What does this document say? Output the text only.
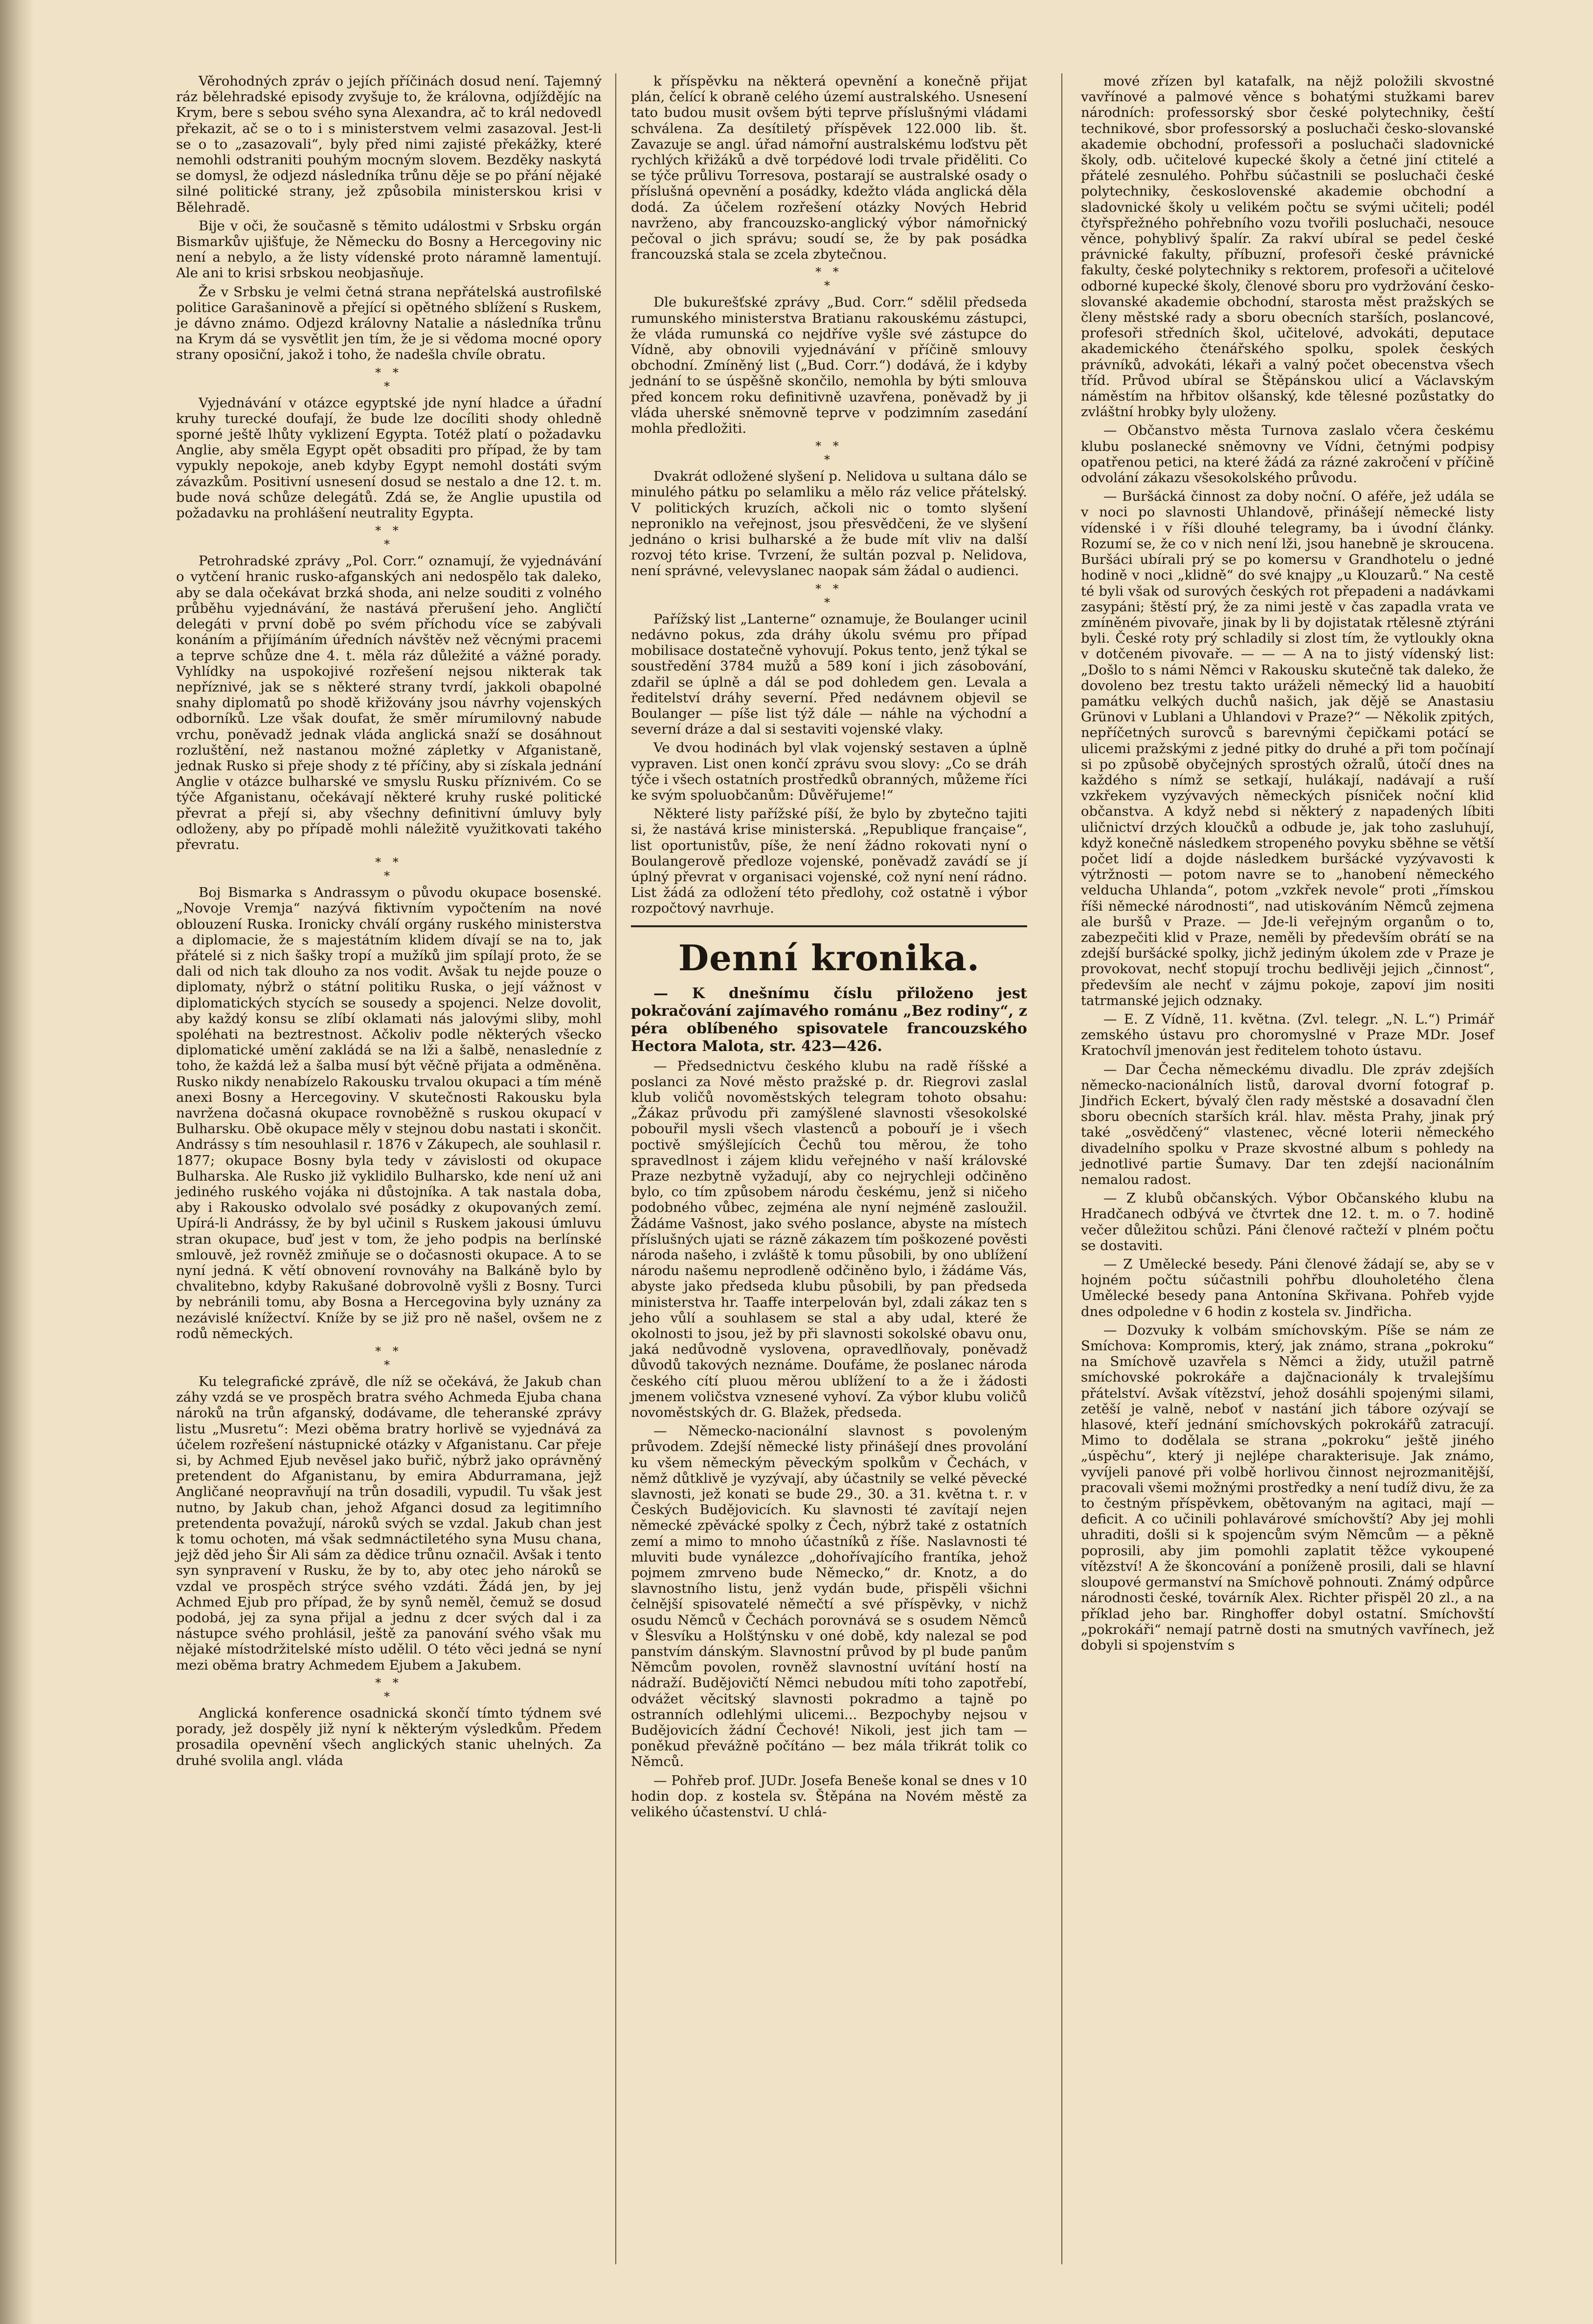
Věrohodných zpráv o jejích příčinách dosud není. Tajemný ráz bělehradské episody zvyšuje to, že královna, odjíždějíc na Krym, bere s sebou svého syna Alexandra, ač to král nedovedl překazit, ač se o to i s ministerstvem velmi zasazoval. Jest-li se o to „zasazovali“, byly před nimi zajisté překážky, které nemohli odstraniti pouhým mocným slovem. Bezděky naskytá se domysl, že odjezd následníka trůnu děje se po přání nějaké silné politické strany, jež způsobila ministerskou krisi v Bělehradě.

Bije v oči, že současně s těmito událostmi v Srbsku orgán Bismarkův ujišťuje, že Německu do Bosny a Hercegoviny nic není a nebylo, a že listy vídenské proto náramně lamentují. Ale ani to krisi srbskou neobjasňuje.

Že v Srbsku je velmi četná strana nepřátelská austrofilské politice Garašaninově a přející si opětného sblížení s Ruskem, je dávno známo. Odjezd královny Natalie a následníka trůnu na Krym dá se vysvětlit jen tím, že je si vědoma mocné opory strany oposiční, jakož i toho, že nadešla chvíle obratu.

* *
*

Vyjednávání v otázce egyptské jde nyní hladce a úřadní kruhy turecké doufají, že bude lze docíliti shody ohledně sporné ještě lhůty vyklizení Egypta. Totéž platí o požadavku Anglie, aby směla Egypt opět obsaditi pro případ, že by tam vypukly nepokoje, aneb kdyby Egypt nemohl dostáti svým závazkům. Positivní usnesení dosud se nestalo a dne 12. t. m. bude nová schůze delegátů. Zdá se, že Anglie upustila od požadavku na prohlášení neutrality Egypta.

* *
*

Petrohradské zprávy „Pol. Corr.“ oznamují, že vyjednávání o vytčení hranic rusko-afganských ani nedospělo tak daleko, aby se dala očekávat brzká shoda, ani nelze souditi z volného průběhu vyjednávání, že nastává přerušení jeho. Angličtí delegáti v první době po svém příchodu více se zabývali konáním a přijímáním úředních návštěv než věcnými pracemi a teprve schůze dne 4. t. měla ráz důležité a vážné porady. Vyhlídky na uspokojivé rozřešení nejsou nikterak tak nepříznivé, jak se s některé strany tvrdí, jakkoli obapolné snahy diplomatů po shodě křižovány jsou návrhy vojenských odborníků. Lze však doufat, že směr mírumilovný nabude vrchu, poněvadž jednak vláda anglická snaží se dosáhnout rozluštění, než nastanou možné zápletky v Afganistaně, jednak Rusko si přeje shody z té příčiny, aby si získala jednání Anglie v otázce bulharské ve smyslu Rusku příznivém. Co se týče Afganistanu, očekávají některé kruhy ruské politické převrat a přejí si, aby všechny definitivní úmluvy byly odloženy, aby po případě mohli náležitě využitkovati takého převratu.

* *
*

Boj Bismarka s Andrassym o původu okupace bosenské. „Novoje Vremja“ nazývá fiktivním vypočtením na nové oblouzení Ruska. Ironicky chválí orgány ruského ministerstva a diplomacie, že s majestátním klidem dívají se na to, jak přátelé si z nich šašky tropí a mužíků jim spílají proto, že se dali od nich tak dlouho za nos vodit. Avšak tu nejde pouze o diplomaty, nýbrž o státní politiku Ruska, o její vážnost v diplomatických stycích se sousedy a spojenci. Nelze dovolit, aby každý konsu se zlíbí oklamati nás jalovými sliby, mohl spoléhati na beztrestnost. Ačkoliv podle některých všecko diplomatické umění zakládá se na lži a šalbě, nenasledníe z toho, že každá lež a šalba musí být věčně přijata a odměněna. Rusko nikdy nenabízelo Rakousku trvalou okupaci a tím méně anexi Bosny a Hercegoviny. V skutečnosti Rakousku byla navržena dočasná okupace rovnoběžně s ruskou okupací v Bulharsku. Obě okupace měly v stejnou dobu nastati i skončit. Andrássy s tím nesouhlasil r. 1876 v Zákupech, ale souhlasil r. 1877; okupace Bosny byla tedy v závislosti od okupace Bulharska. Ale Rusko již vyklidilo Bulharsko, kde není už ani jediného ruského vojáka ni důstojníka. A tak nastala doba, aby i Rakousko odvolalo své posádky z okupovaných zemí. Upírá-li Andrássy, že by byl učinil s Ruskem jakousi úmluvu stran okupace, buď jest v tom, že jeho podpis na berlínské smlouvě, jež rovněž zmiňuje se o dočasnosti okupace. A to se nyní jedná. K větí obnovení rovnováhy na Balkáně bylo by chvalitebno, kdyby Rakušané dobrovolně vyšli z Bosny. Turci by nebránili tomu, aby Bosna a Hercegovina byly uznány za nezávislé knížectví. Kníže by se již pro ně našel, ovšem ne z rodů německých.

* *
*

Ku telegrafické zprávě, dle níž se očekává, že Jakub chan záhy vzdá se ve prospěch bratra svého Achmeda Ejuba chana nároků na trůn afganský, dodávame, dle teheranské zprávy listu „Musretu“: Mezi oběma bratry horlivě se vyjednává za účelem rozřešení nástupnické otázky v Afganistanu. Car přeje si, by Achmed Ejub nevěsel jako buřič, nýbrž jako oprávněný pretendent do Afganistanu, by emira Abdurramana, jejž Angličané neopravňují na trůn dosadili, vypudil. Tu však jest nutno, by Jakub chan, jehož Afganci dosud za legitimního pretendenta považují, nároků svých se vzdal. Jakub chan jest k tomu ochoten, má však sedmnáctiletého syna Musu chana, jejž děd jeho Šir Ali sám za dědice trůnu označil. Avšak i tento syn synpravení v Rusku, že by to, aby otec jeho nároků se vzdal ve prospěch strýce svého vzdáti. Žádá jen, by jej Achmed Ejub pro případ, že by synů neměl, čemuž se dosud podobá, jej za syna přijal a jednu z dcer svých dal i za nástupce svého prohlásil, ještě za panování svého však mu nějaké místodržitelské místo udělil. O této věci jedná se nyní mezi oběma bratry Achmedem Ejubem a Jakubem.

* *
*

Anglická konference osadnická skončí tímto týdnem své porady, jež dospěly již nyní k některým výsledkům. Předem prosadila opevnění všech anglických stanic uhelných. Za druhé svolila angl. vláda

k příspěvku na některá opevnění a konečně přijat plán, čelící k obraně celého území australského. Usnesení tato budou musit ovšem býti teprve příslušnými vládami schválena. Za desítiletý příspěvek 122.000 lib. št. Zavazuje se angl. úřad námořní australskému loďstvu pět rychlých křižáků a dvě torpédové lodi trvale přiděliti. Co se týče průlivu Torresova, postarají se australské osady o příslušná opevnění a posádky, kdežto vláda anglická děla dodá. Za účelem rozřešení otázky Nových Hebrid navrženo, aby francouzsko-anglický výbor námořnický pečoval o jich správu; soudí se, že by pak posádka francouzská stala se zcela zbytečnou.

* *
*

Dle bukurešťské zprávy „Bud. Corr.“ sdělil předseda rumunského ministerstva Bratianu rakouskému zástupci, že vláda rumunská co nejdříve vyšle své zástupce do Vídně, aby obnovili vyjednávání v příčině smlouvy obchodní. Zmíněný list („Bud. Corr.“) dodává, že i kdyby jednání to se úspěšně skončilo, nemohla by býti smlouva před koncem roku definitivně uzavřena, poněvadž by ji vláda uherské sněmovně teprve v podzimním zasedání mohla předložiti.

* *
*

Dvakrát odložené slyšení p. Nelidova u sultana dálo se minulého pátku po selamliku a mělo ráz velice přátelský. V politických kruzích, ačkoli nic o tomto slyšení neproniklo na veřejnost, jsou přesvědčeni, že ve slyšení jednáno o krisi bulharské a že bude mít vliv na další rozvoj této krise. Tvrzení, že sultán pozval p. Nelidova, není správné, velevyslanec naopak sám žádal o audienci.

* *
*

Pařížský list „Lanterne“ oznamuje, že Boulanger ucinil nedávno pokus, zda dráhy úkolu svému pro případ mobilisace dostatečně vyhovují. Pokus tento, jenž týkal se soustředění 3784 mužů a 589 koní i jich zásobování, zdařil se úplně a dál se pod dohledem gen. Levala a ředitelství dráhy severní. Před nedávnem objevil se Boulanger — píše list týž dále — náhle na východní a severní dráze a dal si sestaviti vojenské vlaky.

Ve dvou hodinách byl vlak vojenský sestaven a úplně vypraven. List onen končí zprávu svou slovy: „Co se dráh týče i všech ostatních prostředků obranných, můžeme říci ke svým spoluobčanům: Důvěřujeme!“

Některé listy pařížské píší, že bylo by zbytečno tajiti si, že nastává krise ministerská. „Republique française“, list oportunistův, píše, že není žádno rokovati nyní o Boulangerově předloze vojenské, poněvadž zavádí se jí úplný převrat v organisaci vojenské, což nyní není rádno. List žádá za odložení této předlohy, což ostatně i výbor rozpočtový navrhuje.

Denní kronika.

— K dnešnímu číslu přiloženo jest pokračování zajímavého románu „Bez rodiny“, z péra oblíbeného spisovatele francouzského Hectora Malota, str. 423—426.

— Předsednictvu českého klubu na radě říšské a poslanci za Nové město pražské p. dr. Riegrovi zaslal klub voličů novoměstských telegram tohoto obsahu: „Žákaz průvodu při zamýšlené slavnosti všesokolské pobouřil mysli všech vlastenců a pobouří je i všech poctivě smýšlejících Čechů tou měrou, že toho spravedlnost i zájem klidu veřejného v naší královské Praze nezbytně vyžadují, aby co nejrychleji odčiněno bylo, co tím způsobem národu českému, jenž si ničeho podobného vůbec, zejména ale nyní nejméně zasloužil. Žádáme Vašnost, jako svého poslance, abyste na místech příslušných ujati se rázně zákazem tím poškozené pověsti národa našeho, i zvláště k tomu působili, by ono ublížení národu našemu neprodleně odčiněno bylo, i žádáme Vás, abyste jako předseda klubu působili, by pan předseda ministerstva hr. Taaffe interpelován byl, zdali zákaz ten s jeho vůlí a souhlasem se stal a aby udal, které že okolnosti to jsou, jež by při slavnosti sokolské obavu onu, jaká nedůvodně vyslovena, opravedlňovaly, poněvadž důvodů takových neznáme. Doufáme, že poslanec národa českého cítí pluou měrou ublížení to a že i žádosti jmenem voličstva vznesené vyhoví. Za výbor klubu voličů novoměstských dr. G. Blažek, předseda.

— Německo-nacionální slavnost s povoleným průvodem. Zdejší německé listy přinášejí dnes provolání ku všem německým pěveckým spolkům v Čechách, v němž důtklivě je vyzývají, aby účastnily se velké pěvecké slavnosti, jež konati se bude 29., 30. a 31. května t. r. v Českých Budějovicích. Ku slavnosti té zavítají nejen německé zpěvácké spolky z Čech, nýbrž také z ostatních zemí a mimo to mnoho účastníků z říše. Naslavnosti té mluviti bude vynálezce „dohořívajícího frantíka, jehož pojmem zmrveno bude Německo,“ dr. Knotz, a do slavnostního listu, jenž vydán bude, přispěli všichni čelnější spisovatelé němečtí a své příspěvky, v nichž osudu Němců v Čechách porovnává se s osudem Němců v Šlesvíku a Holštýnsku v oné době, kdy nalezal se pod panstvím dánským. Slavnostní průvod by pl bude panům Němcům povolen, rovněž slavnostní uvítání hostí na nádraží. Budějovičtí Němci nebudou míti toho zapotřebí, odvážet věcitský slavnosti pokradmo a tajně po ostranních odlehlými ulicemi... Bezpochyby nejsou v Budějovicích žádní Čechové! Nikoli, jest jich tam — poněkud převážně počítáno — bez mála třikrát tolik co Němců.

— Pohřeb prof. JUDr. Josefa Beneše konal se dnes v 10 hodin dop. z kostela sv. Štěpána na Novém městě za velikého účastenství. U chlá-

mové zřízen byl katafalk, na nějž položili skvostné vavřínové a palmové věnce s bohatými stužkami barev národních: professorský sbor české polytechniky, čeští technikové, sbor professorský a posluchači česko-slovanské akademie obchodní, professoři a posluchači sladovnické školy, odb. učitelové kupecké školy a četné jiní ctitelé a přátelé zesnulého. Pohřbu súčastnili se posluchači české polytechniky, československé akademie obchodní a sladovnické školy u velikém počtu se svými učiteli; podél čtyřspřežného pohřebního vozu tvořili posluchači, nesouce věnce, pohyblivý špalír. Za rakví ubíral se pedel české právnické fakulty, příbuzní, profesoři české právnické fakulty, české polytechniky s rektorem, profesoři a učitelové odborné kupecké školy, členové sboru pro vydržování česko-slovanské akademie obchodní, starosta měst pražských se členy městské rady a sboru obecních starších, poslancové, profesoři středních škol, učitelové, advokáti, deputace akademického čtenářského spolku, spolek českých právníků, advokáti, lékaři a valný počet obecenstva všech tříd. Průvod ubíral se Štěpánskou ulicí a Václavským náměstím na hřbitov olšanský, kde tělesné pozůstatky do zvláštní hrobky byly uloženy.

— Občanstvo města Turnova zaslalo včera českému klubu poslanecké sněmovny ve Vídni, četnými podpisy opatřenou petici, na které žádá za rázné zakročení v příčině odvolání zákazu všesokolského průvodu.

— Buršácká činnost za doby noční. O aféře, jež udála se v noci po slavnosti Uhlandově, přinášejí německé listy vídenské i v říši dlouhé telegramy, ba i úvodní články. Rozumí se, že co v nich není lži, jsou hanebně je skroucena. Buršáci ubírali prý se po komersu v Grandhotelu o jedné hodině v noci „klidně“ do své knajpy „u Klouzarů.“ Na cestě té byli však od surových českých rot přepadeni a nadávkami zasypáni; štěstí prý, že za nimi jestě v čas zapadla vrata ve zmíněném pivovaře, jinak by li by dojistatak rtělesně ztýráni byli. České roty prý schladily si zlost tím, že vytloukly okna v dotčeném pivovaře. — — — A na to jistý vídenský list: „Došlo to s námi Němci v Rakousku skutečně tak daleko, že dovoleno bez trestu takto uráželi německý lid a hauobití památku velkých duchů našich, jak dějě se Anastasiu Grünovi v Lublani a Uhlandovi v Praze?“ — Několik zpitých, nepříčetných surovců s barevnými čepičkami potácí se ulicemi pražskými z jedné pitky do druhé a při tom počínají si po způsobě obyčejných sprostých ožralů, útočí dnes na každého s nímž se setkají, hulákají, nadávají a ruší vzkřekem vyzývavých německých písniček noční klid občanstva. A když nebd si některý z napadených líbiti uličnictví drzých kloučků a odbude je, jak toho zasluhují, když konečně následkem stropeného povyku sběhne se větší počet lidí a dojde následkem buršácké vyzývavosti k výtržnosti — potom navre se to „hanobení německého velducha Uhlanda“, potom „vzkřek nevole“ proti „římskou říši německé národnosti“, nad utiskováním Němců zejmena ale buršů v Praze. — Jde-li veřejným organům o to, zabezpečiti klid v Praze, neměli by především obrátí se na zdejší buršácké spolky, jichž jediným úkolem zde v Praze je provokovat, nechť stopují trochu bedlivěji jejich „činnost“, především ale nechť v zájmu pokoje, zapoví jim nositi tatrmanské jejich odznaky.

— E. Z Vídně, 11. května. (Zvl. telegr. „N. L.“) Primář zemského ústavu pro choromyslné v Praze MDr. Josef Kratochvíl jmenován jest ředitelem tohoto ústavu.

— Dar Čecha německému divadlu. Dle zpráv zdejších německo-nacionálních listů, daroval dvorní fotograf p. Jindřich Eckert, bývalý člen rady městské a dosavadní člen sboru obecních starších král. hlav. města Prahy, jinak prý také „osvědčený“ vlastenec, věcné loterii německého divadelního spolku v Praze skvostné album s pohledy na jednotlivé partie Šumavy. Dar ten zdejší nacionálním nemalou radost.

— Z klubů občanských. Výbor Občanského klubu na Hradčanech odbývá ve čtvrtek dne 12. t. m. o 7. hodině večer důležitou schůzi. Páni členové račteží v plném počtu se dostaviti.

— Z Umělecké besedy. Páni členové žádají se, aby se v hojném počtu súčastnili pohřbu dlouholetého člena Umělecké besedy pana Antonína Skřivana. Pohřeb vyjde dnes odpoledne v 6 hodin z kostela sv. Jindřicha.

— Dozvuky k volbám smíchovským. Píše se nám ze Smíchova: Kompromis, který, jak známo, strana „pokroku“ na Smíchově uzavřela s Němci a židy, utužil patrně smíchovské pokrokáře a dajčnacionály k trvalejšímu přátelství. Avšak vítězství, jehož dosáhli spojenými silami, zetěší je valně, neboť v nastání jich tábore ozývají se hlasové, kteří jednání smíchovských pokrokářů zatracují. Mimo to dodělala se strana „pokroku“ ještě jiného „úspěchu“, který ji nejlépe charakterisuje. Jak známo, vyvíjeli panové při volbě horlivou činnost nejrozmanitější, pracovali všemi možnými prostředky a není tudíž divu, že za to čestným příspěvkem, obětovaným na agitaci, mají — deficit. A co učinili pohlavárové smíchovští? Aby jej mohli uhraditi, došli si k spojencům svým Němcům — a pěkně poprosili, aby jim pomohli zaplatit těžce vykoupené vítězství! A že škoncování a poníženě prosili, dali se hlavní sloupové germanství na Smíchově pohnouti. Známý odpůrce národnosti české, továrník Alex. Richter přispěl 20 zl., a na příklad jeho bar. Ringhoffer dobyl ostatní. Smíchovští „pokrokáři“ nemají patrně dosti na smutných vavřínech, jež dobyli si spojenstvím s
